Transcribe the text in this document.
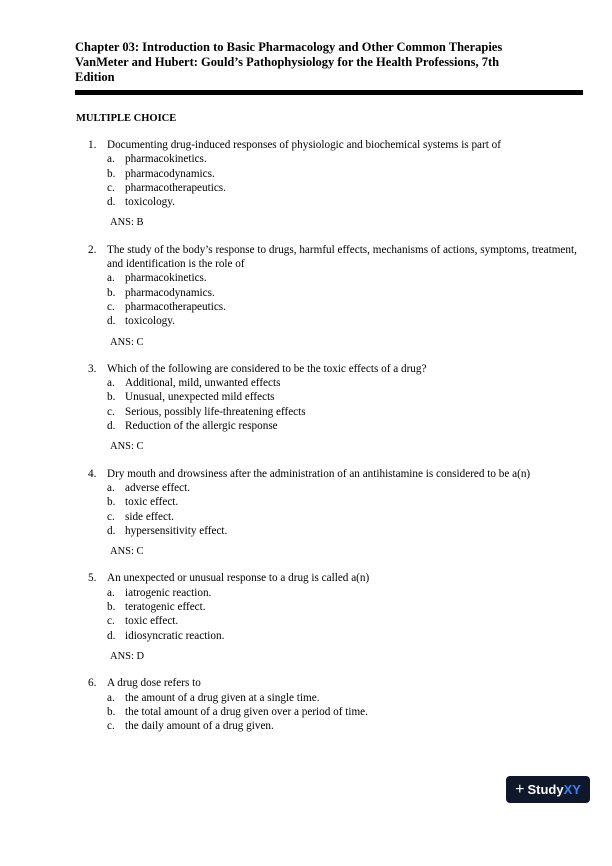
Chapter 03: Introduction to Basic Pharmacology and Other Common Therapies
VanMeter and Hubert: Gould’s Pathophysiology for the Health Professions, 7th
Edition
MULTIPLE CHOICE
1. Documenting drug-induced responses of physiologic and biochemical systems is part of
a. pharmacokinetics.
b. pharmacodynamics.
c. pharmacotherapeutics.
d. toxicology.
ANS: B
2. The study of the body’s response to drugs, harmful effects, mechanisms of actions, symptoms, treatment, and identification is the role of
a. pharmacokinetics.
b. pharmacodynamics.
c. pharmacotherapeutics.
d. toxicology.
ANS: C
3. Which of the following are considered to be the toxic effects of a drug?
a. Additional, mild, unwanted effects
b. Unusual, unexpected mild effects
c. Serious, possibly life-threatening effects
d. Reduction of the allergic response
ANS: C
4. Dry mouth and drowsiness after the administration of an antihistamine is considered to be a(n)
a. adverse effect.
b. toxic effect.
c. side effect.
d. hypersensitivity effect.
ANS: C
5. An unexpected or unusual response to a drug is called a(n)
a. iatrogenic reaction.
b. teratogenic effect.
c. toxic effect.
d. idiosyncratic reaction.
ANS: D
6. A drug dose refers to
a. the amount of a drug given at a single time.
b. the total amount of a drug given over a period of time.
c. the daily amount of a drug given.
+ Study XY
